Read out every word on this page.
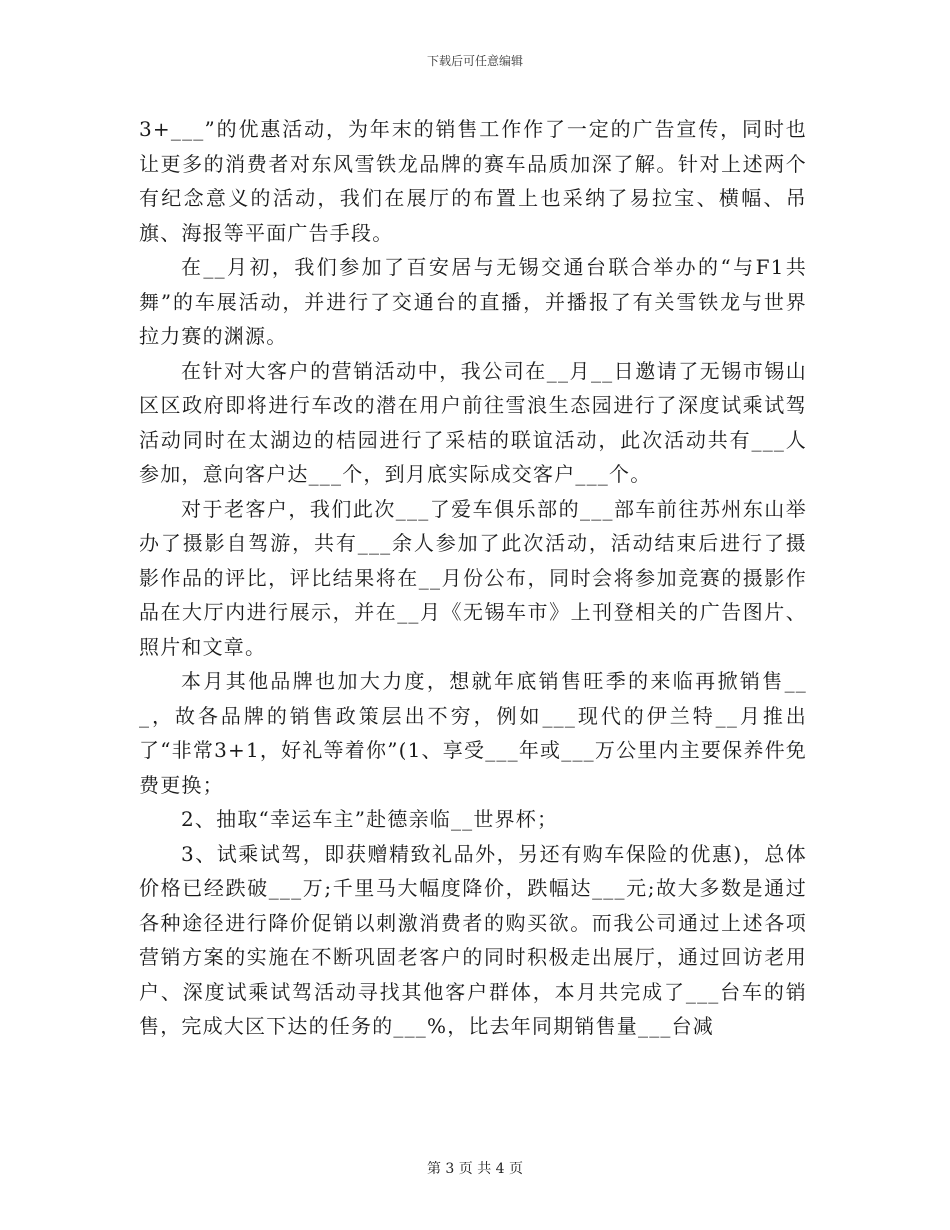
下载后可任意编辑

3+___”的优惠活动，为年末的销售工作作了一定的广告宣传，同时也让更多的消费者对东风雪铁龙品牌的赛车品质加深了解。针对上述两个有纪念意义的活动，我们在展厅的布置上也采纳了易拉宝、横幅、吊旗、海报等平面广告手段。

在__月初，我们参加了百安居与无锡交通台联合举办的“与F1共舞”的车展活动，并进行了交通台的直播，并播报了有关雪铁龙与世界拉力赛的渊源。

在针对大客户的营销活动中，我公司在__月__日邀请了无锡市锡山区区政府即将进行车改的潜在用户前往雪浪生态园进行了深度试乘试驾活动同时在太湖边的桔园进行了采桔的联谊活动，此次活动共有___人参加，意向客户达___个，到月底实际成交客户___个。

对于老客户，我们此次___了爱车俱乐部的___部车前往苏州东山举办了摄影自驾游，共有___余人参加了此次活动，活动结束后进行了摄影作品的评比，评比结果将在__月份公布，同时会将参加竞赛的摄影作品在大厅内进行展示，并在__月《无锡车市》上刊登相关的广告图片、照片和文章。

本月其他品牌也加大力度，想就年底销售旺季的来临再掀销售___，故各品牌的销售政策层出不穷，例如___现代的伊兰特__月推出了“非常3+1，好礼等着你”(1、享受___年或___万公里内主要保养件免费更换；

2、抽取“幸运车主”赴德亲临__世界杯；

3、试乘试驾，即获赠精致礼品外，另还有购车保险的优惠)，总体价格已经跌破___万;千里马大幅度降价，跌幅达___元;故大多数是通过各种途径进行降价促销以刺激消费者的购买欲。而我公司通过上述各项营销方案的实施在不断巩固老客户的同时积极走出展厅，通过回访老用户、深度试乘试驾活动寻找其他客户群体，本月共完成了___台车的销售，完成大区下达的任务的___%，比去年同期销售量___台减

第 3 页 共 4 页
